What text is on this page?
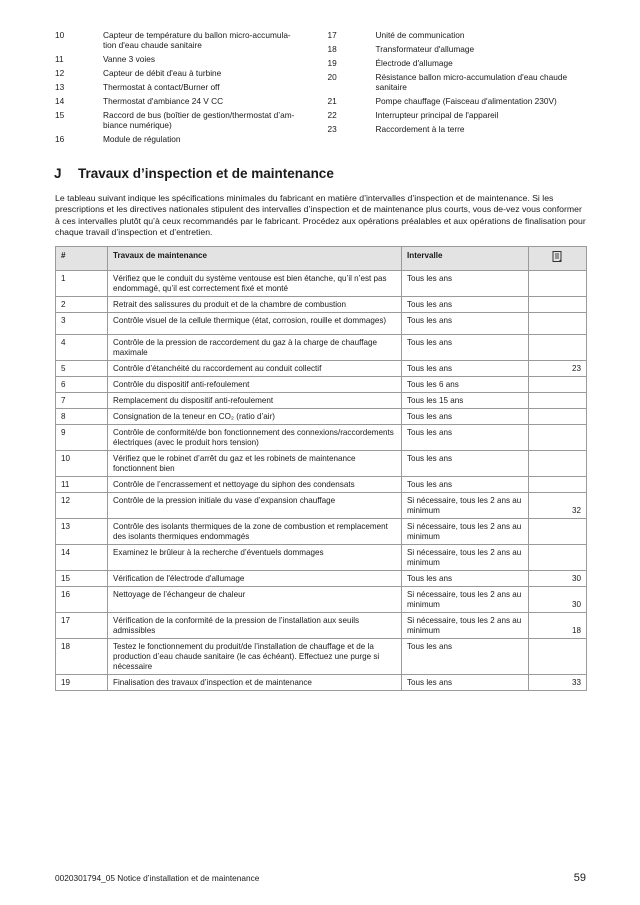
10	Capteur de température du ballon micro-accumula-
tion d'eau chaude sanitaire
11	Vanne 3 voies
12	Capteur de débit d'eau à turbine
13	Thermostat à contact/Burner off
14	Thermostat d'ambiance 24 V CC
15	Raccord de bus (boîtier de gestion/thermostat d’am-
biance numérique)
16	Module de régulation
17	Unité de communication
18	Transformateur d'allumage
19	Électrode d'allumage
20	Résistance ballon micro-accumulation d'eau chaude
sanitaire
21	Pompe chauffage (Faisceau d'alimentation 230V)
22	Interrupteur principal de l'appareil
23	Raccordement à la terre
J	Travaux d’inspection et de maintenance

Le tableau suivant indique les spécifications minimales du fabricant en matière d’intervalles d’inspection et de maintenance. Si les prescriptions et les directives nationales stipulent des intervalles d’inspection et de maintenance plus courts, vous de-vez vous conformer à ces intervalles plutôt qu’à ceux recommandés par le fabricant. Procédez aux opérations préalables et aux opérations de finalisation pour chaque travail d’inspection et d’entretien.

#	Travaux de maintenance	Intervalle	
1	Vérifiez que le conduit du système ventouse est bien étanche, qu’il n’est pas endommagé, qu’il est correctement fixé et monté	Tous les ans	
2	Retrait des salissures du produit et de la chambre de combustion	Tous les ans	
3	Contrôle visuel de la cellule thermique (état, corrosion, rouille et dommages)	Tous les ans	
4	Contrôle de la pression de raccordement du gaz à la charge de chauffage maximale	Tous les ans	
5	Contrôle d’étanchéité du raccordement au conduit collectif	Tous les ans	23
6	Contrôle du dispositif anti-refoulement	Tous les 6 ans	
7	Remplacement du dispositif anti-refoulement	Tous les 15 ans	
8	Consignation de la teneur en CO₂ (ratio d’air)	Tous les ans	
9	Contrôle de conformité/de bon fonctionnement des connexions/raccordements électriques (avec le produit hors tension)	Tous les ans	
10	Vérifiez que le robinet d’arrêt du gaz et les robinets de maintenance fonctionnent bien	Tous les ans	
11	Contrôle de l’encrassement et nettoyage du siphon des condensats	Tous les ans	
12	Contrôle de la pression initiale du vase d’expansion chauffage	Si nécessaire, tous les 2 ans au minimum	32
13	Contrôle des isolants thermiques de la zone de combustion et remplacement des isolants thermiques endommagés	Si nécessaire, tous les 2 ans au minimum	
14	Examinez le brûleur à la recherche d’éventuels dommages	Si nécessaire, tous les 2 ans au minimum	
15	Vérification de l'électrode d'allumage	Tous les ans	30
16	Nettoyage de l’échangeur de chaleur	Si nécessaire, tous les 2 ans au minimum	30
17	Vérification de la conformité de la pression de l’installation aux seuils admissibles	Si nécessaire, tous les 2 ans au minimum	18
18	Testez le fonctionnement du produit/de l’installation de chauffage et de la production d’eau chaude sanitaire (le cas échéant). Effectuez une purge si nécessaire	Tous les ans	
19	Finalisation des travaux d’inspection et de maintenance	Tous les ans	33
0020301794_05 Notice d’installation et de maintenance	59
